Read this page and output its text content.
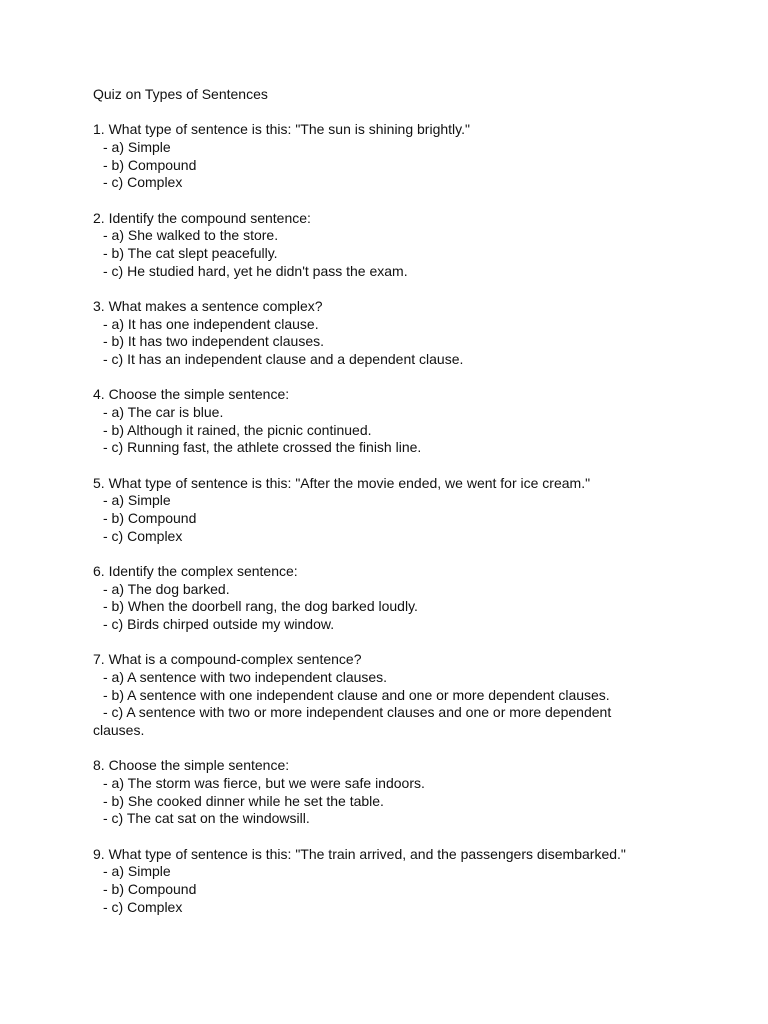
Quiz on Types of Sentences
1. What type of sentence is this: "The sun is shining brightly."
- a) Simple
- b) Compound
- c) Complex
2. Identify the compound sentence:
- a) She walked to the store.
- b) The cat slept peacefully.
- c) He studied hard, yet he didn't pass the exam.
3. What makes a sentence complex?
- a) It has one independent clause.
- b) It has two independent clauses.
- c) It has an independent clause and a dependent clause.
4. Choose the simple sentence:
- a) The car is blue.
- b) Although it rained, the picnic continued.
- c) Running fast, the athlete crossed the finish line.
5. What type of sentence is this: "After the movie ended, we went for ice cream."
- a) Simple
- b) Compound
- c) Complex
6. Identify the complex sentence:
- a) The dog barked.
- b) When the doorbell rang, the dog barked loudly.
- c) Birds chirped outside my window.
7. What is a compound-complex sentence?
- a) A sentence with two independent clauses.
- b) A sentence with one independent clause and one or more dependent clauses.
- c) A sentence with two or more independent clauses and one or more dependent clauses.
8. Choose the simple sentence:
- a) The storm was fierce, but we were safe indoors.
- b) She cooked dinner while he set the table.
- c) The cat sat on the windowsill.
9. What type of sentence is this: "The train arrived, and the passengers disembarked."
- a) Simple
- b) Compound
- c) Complex
